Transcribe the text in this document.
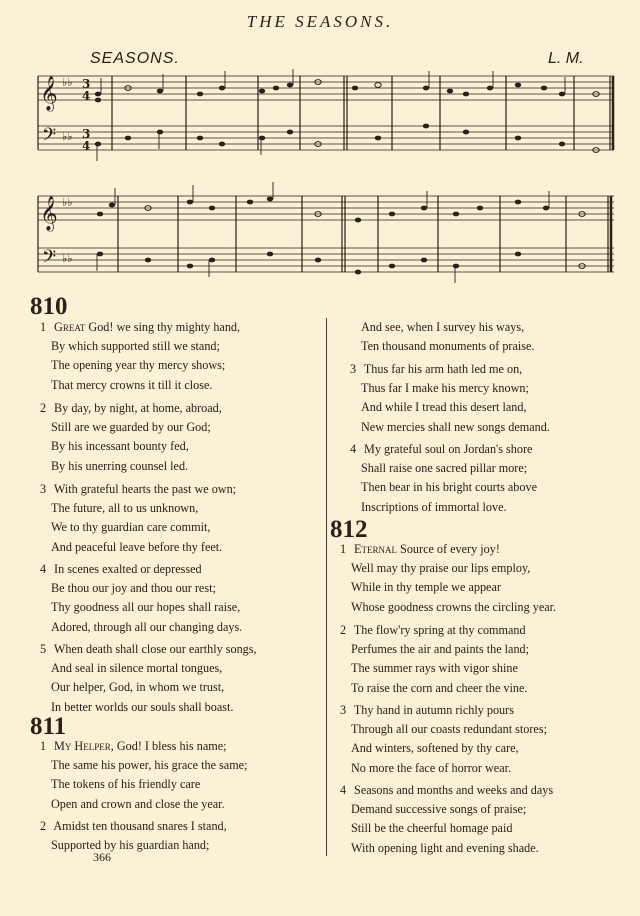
THE SEASONS.
SEASONS.	L. M.
𝄞
𝄞
𝄢
𝄢
♭♭
♭♭
♭♭
♭♭
3
4
3
4
810
1 Great God! we sing thy mighty hand,
By which supported still we stand;
The opening year thy mercy shows;
That mercy crowns it till it close.
2 By day, by night, at home, abroad,
Still are we guarded by our God;
By his incessant bounty fed,
By his unerring counsel led.
3 With grateful hearts the past we own;
The future, all to us unknown,
We to thy guardian care commit,
And peaceful leave before thy feet.
4 In scenes exalted or depressed
Be thou our joy and thou our rest;
Thy goodness all our hopes shall raise,
Adored, through all our changing days.
5 When death shall close our earthly songs,
And seal in silence mortal tongues,
Our helper, God, in whom we trust,
In better worlds our souls shall boast.
811
1 My Helper, God! I bless his name;
The same his power, his grace the same;
The tokens of his friendly care
Open and crown and close the year.
2 Amidst ten thousand snares I stand,
Supported by his guardian hand;
And see, when I survey his ways,
Ten thousand monuments of praise.
3 Thus far his arm hath led me on,
Thus far I make his mercy known;
And while I tread this desert land,
New mercies shall new songs demand.
4 My grateful soul on Jordan's shore
Shall raise one sacred pillar more;
Then bear in his bright courts above
Inscriptions of immortal love.
812
1 Eternal Source of every joy!
Well may thy praise our lips employ,
While in thy temple we appear
Whose goodness crowns the circling year.
2 The flow'ry spring at thy command
Perfumes the air and paints the land;
The summer rays with vigor shine
To raise the corn and cheer the vine.
3 Thy hand in autumn richly pours
Through all our coasts redundant stores;
And winters, softened by thy care,
No more the face of horror wear.
4 Seasons and months and weeks and days
Demand successive songs of praise;
Still be the cheerful homage paid
With opening light and evening shade.
366
